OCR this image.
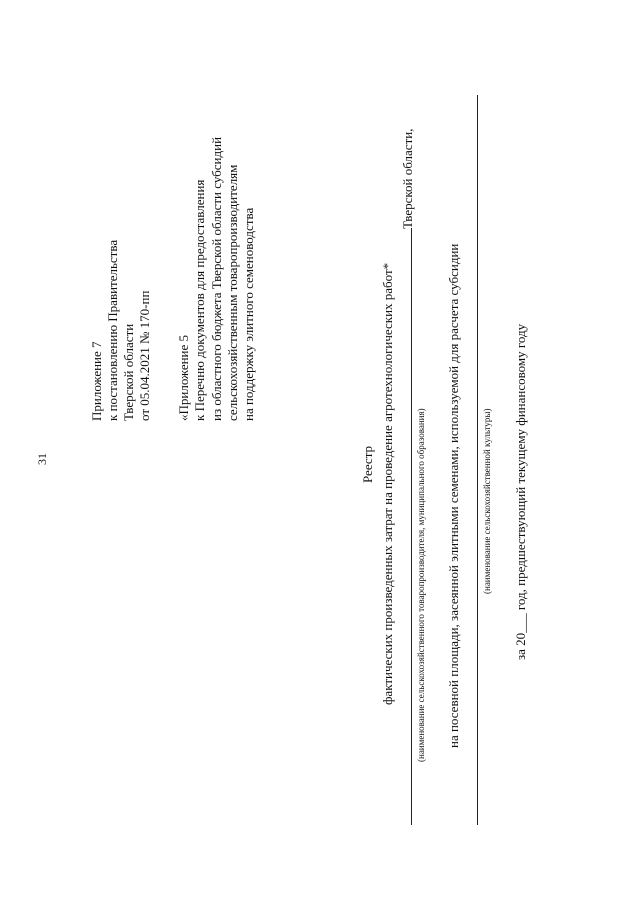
31
Приложение 7 к постановлению Правительства Тверской области от 05.04.2021 № 170-пп «Приложение 5 к Перечню документов для предоставления из областного бюджета Тверской области субсидий сельскохозяйственным товаропроизводителям на поддержку элитного семеноводства
Реестр фактических произведенных затрат на проведение агротехнологических работ*
Тверской области,
(наименование сельскохозяйственного товаропроизводителя, муниципального образования) на посевной площади, засеянной элитными семенами, используемой для расчета субсидии (наименование сельскохозяйственной культуры) за 20___ год, предшествующий текущему финансовому году
